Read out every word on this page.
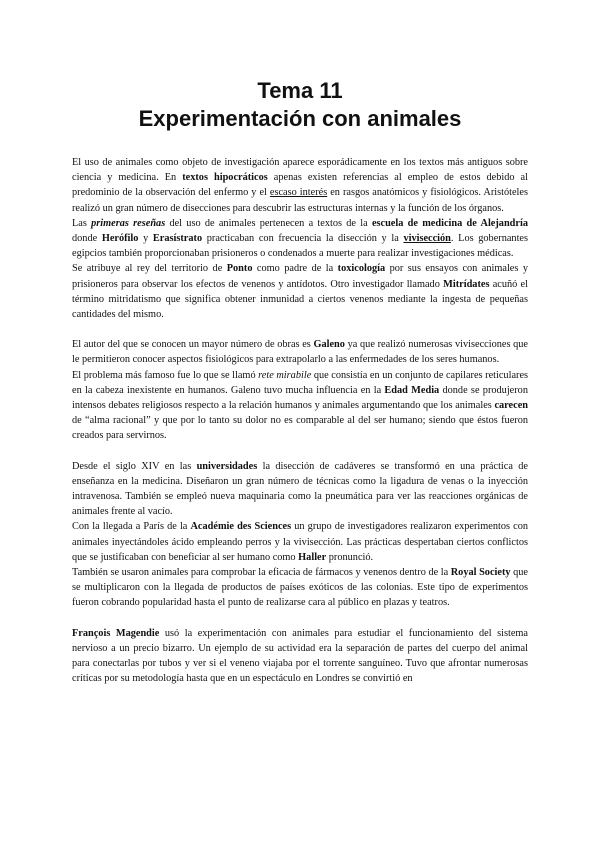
Tema 11
Experimentación con animales

El uso de animales como objeto de investigación aparece esporádicamente en los textos más antiguos sobre ciencia y medicina. En textos hipocráticos apenas existen referencias al empleo de estos debido al predominio de la observación del enfermo y el escaso interés en rasgos anatómicos y fisiológicos. Aristóteles realizó un gran número de disecciones para descubrir las estructuras internas y la función de los órganos.
Las primeras reseñas del uso de animales pertenecen a textos de la escuela de medicina de Alejandría donde Herófilo y Erasístrato practicaban con frecuencia la disección y la vivisección. Los gobernantes egipcios también proporcionaban prisioneros o condenados a muerte para realizar investigaciones médicas.
Se atribuye al rey del territorio de Ponto como padre de la toxicología por sus ensayos con animales y prisioneros para observar los efectos de venenos y antídotos. Otro investigador llamado Mitrídates acuñó el término mitridatismo que significa obtener inmunidad a ciertos venenos mediante la ingesta de pequeñas cantidades del mismo.

El autor del que se conocen un mayor número de obras es Galeno ya que realizó numerosas vivisecciones que le permitieron conocer aspectos fisiológicos para extrapolarlo a las enfermedades de los seres humanos.
El problema más famoso fue lo que se llamó rete mirabile que consistía en un conjunto de capilares reticulares en la cabeza inexistente en humanos. Galeno tuvo mucha influencia en la Edad Media donde se produjeron intensos debates religiosos respecto a la relación humanos y animales argumentando que los animales carecen de “alma racional” y que por lo tanto su dolor no es comparable al del ser humano; siendo que éstos fueron creados para servirnos.

Desde el siglo XIV en las universidades la disección de cadáveres se transformó en una práctica de enseñanza en la medicina. Diseñaron un gran número de técnicas como la ligadura de venas o la inyección intravenosa. También se empleó nueva maquinaria como la pneumática para ver las reacciones orgánicas de animales frente al vacío.
Con la llegada a París de la Académie des Sciences un grupo de investigadores realizaron experimentos con animales inyectándoles ácido empleando perros y la vivisección. Las prácticas despertaban ciertos conflictos que se justificaban con beneficiar al ser humano como Haller pronunció.
También se usaron animales para comprobar la eficacia de fármacos y venenos dentro de la Royal Society que se multiplicaron con la llegada de productos de países exóticos de las colonias. Este tipo de experimentos fueron cobrando popularidad hasta el punto de realizarse cara al público en plazas y teatros.

François Magendie usó la experimentación con animales para estudiar el funcionamiento del sistema nervioso a un precio bizarro. Un ejemplo de su actividad era la separación de partes del cuerpo del animal para conectarlas por tubos y ver si el veneno viajaba por el torrente sanguíneo. Tuvo que afrontar numerosas críticas por su metodología hasta que en un espectáculo en Londres se convirtió en
